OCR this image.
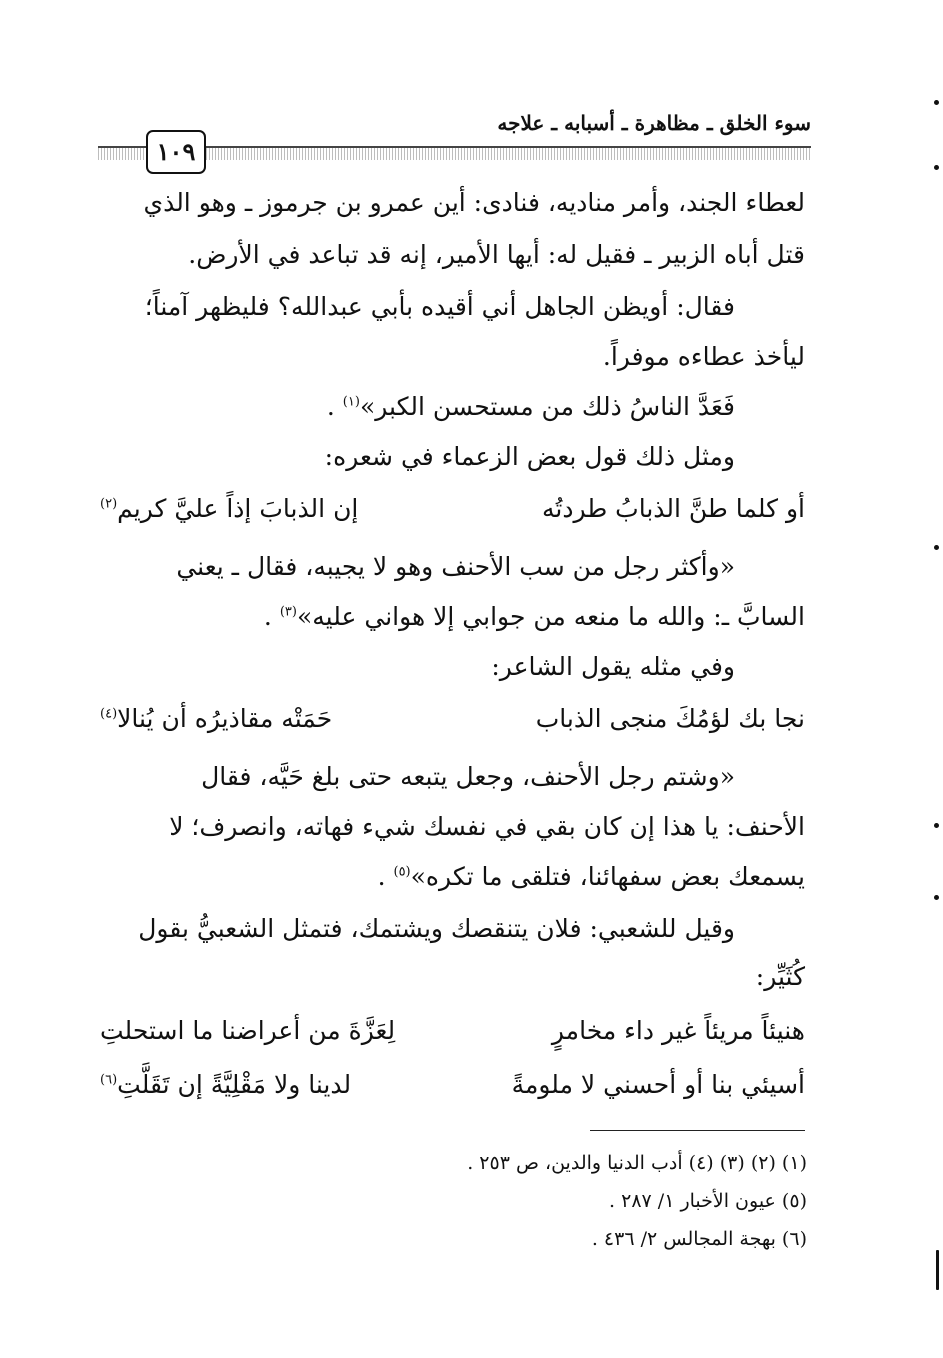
سوء الخلق ـ مظاهرة ـ أسبابه ـ علاجه
١٠٩
لعطاء الجند، وأمر مناديه، فنادى: أين عمرو بن جرموز ـ وهو الذي
قتل أباه الزبير ـ فقيل له: أيها الأمير، إنه قد تباعد في الأرض.
فقال: أويظن الجاهل أني أقيده بأبي عبدالله؟ فليظهر آمناً؛
ليأخذ عطاءه موفراً.
فَعَدَّ الناسُ ذلك من مستحسن الكبر»$^{(١)}$ .
ومثل ذلك قول بعض الزعماء في شعره:
أو كلما طنَّ الذبابُ طردتُه
إن الذبابَ إذاً عليَّ كريم$^{(٢)}$
«وأكثر رجل من سب الأحنف وهو لا يجيبه، فقال ـ يعني
السابَّ ـ: والله ما منعه من جوابي إلا هواني عليه»$^{(٣)}$ .
وفي مثله يقول الشاعر:
نجا بك لؤمُكَ منجى الذباب
حَمَتْه مقاذيرُه أن يُنالا$^{(٤)}$
«وشتم رجل الأحنف، وجعل يتبعه حتى بلغ حَيَّه، فقال
الأحنف: يا هذا إن كان بقي في نفسك شيء فهاته، وانصرف؛ لا
يسمعك بعض سفهائنا، فتلقى ما تكره»$^{(٥)}$ .
وقيل للشعبي: فلان يتنقصك ويشتمك، فتمثل الشعبيُّ بقول
كُثَيِّر:
هنيئاً مريئاً غير داء مخامرٍ
لِعَزَّةَ من أعراضنا ما استحلتِ
أسيئي بنا أو أحسني لا ملومةً
لدينا ولا مَقْلِيَّةً إن تَقَلَّتِ$^{(٦)}$
(١) (٢) (٣) (٤) أدب الدنيا والدين، ص ٢٥٣ .
(٥) عيون الأخبار ١/ ٢٨٧ .
(٦) بهجة المجالس ٢/ ٤٣٦ .
